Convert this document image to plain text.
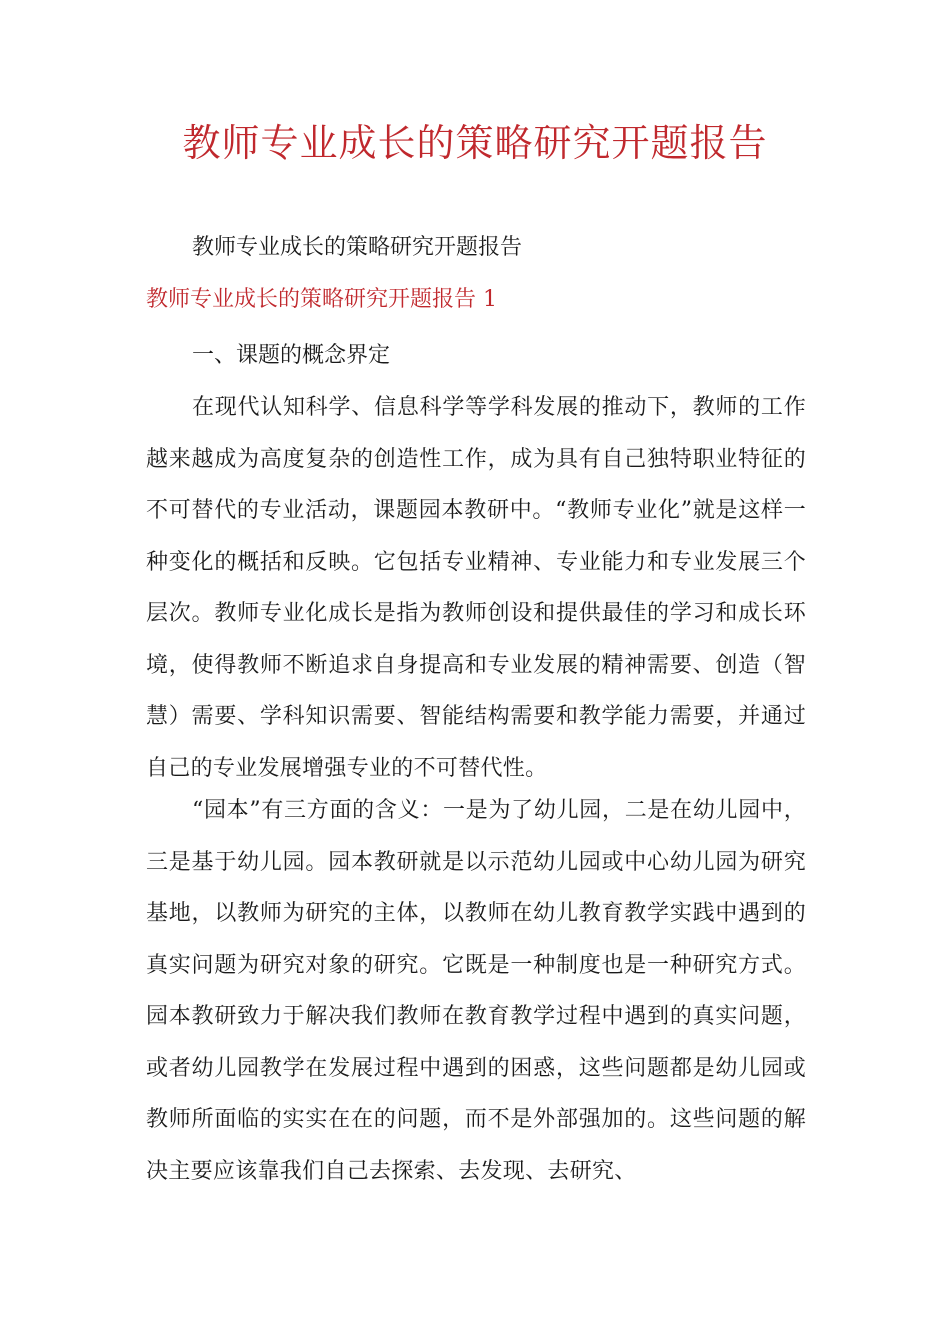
教师专业成长的策略研究开题报告
教师专业成长的策略研究开题报告
教师专业成长的策略研究开题报告 1
一、课题的概念界定

在现代认知科学、信息科学等学科发展的推动下，教师的工作越来越成为高度复杂的创造性工作，成为具有自己独特职业特征的不可替代的专业活动，课题园本教研中。“教师专业化”就是这样一种变化的概括和反映。它包括专业精神、专业能力和专业发展三个层次。教师专业化成长是指为教师创设和提供最佳的学习和成长环境，使得教师不断追求自身提高和专业发展的精神需要、创造（智慧）需要、学科知识需要、智能结构需要和教学能力需要，并通过自己的专业发展增强专业的不可替代性。

“园本”有三方面的含义：一是为了幼儿园，二是在幼儿园中，三是基于幼儿园。园本教研就是以示范幼儿园或中心幼儿园为研究基地，以教师为研究的主体，以教师在幼儿教育教学实践中遇到的真实问题为研究对象的研究。它既是一种制度也是一种研究方式。园本教研致力于解决我们教师在教育教学过程中遇到的真实问题，或者幼儿园教学在发展过程中遇到的困惑，这些问题都是幼儿园或教师所面临的实实在在的问题，而不是外部强加的。这些问题的解决主要应该靠我们自己去探索、去发现、去研究、
